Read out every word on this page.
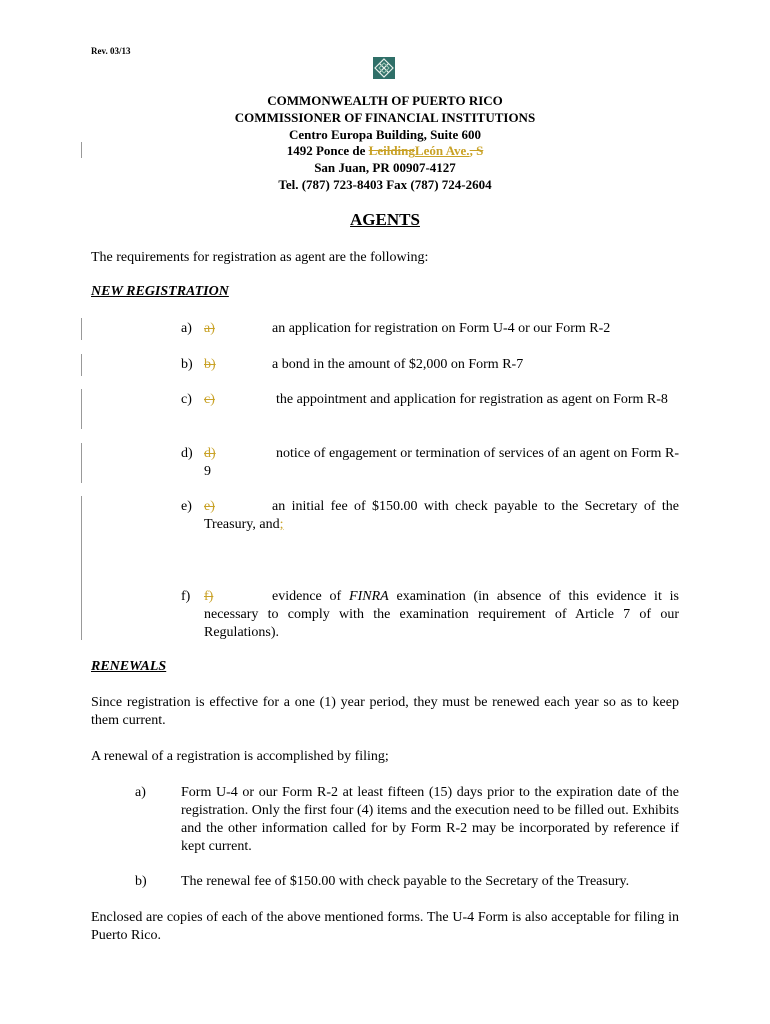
Rev. 03/13
COMMONWEALTH OF PUERTO RICO
COMMISSIONER OF FINANCIAL INSTITUTIONS
Centro Europa Building, Suite 600
1492 Ponce de LeildingLeón Ave., S
San Juan, PR 00907-4127
Tel. (787) 723-8403 Fax (787) 724-2604
AGENTS
The requirements for registration as agent are the following:
NEW REGISTRATION
a) a)	an application for registration on Form U-4 or our Form R-2
b) b)	a bond in the amount of $2,000 on Form R-7
c) c)	the appointment and application for registration as agent on Form R-8
d) d)	notice of engagement or termination of services of an agent on Form R-9
e) e)	an initial fee of $150.00 with check payable to the Secretary of the Treasury, and;
f) f)	evidence of FINRA examination (in absence of this evidence it is necessary to comply with the examination requirement of Article 7 of our Regulations).
RENEWALS
Since registration is effective for a one (1) year period, they must be renewed each year so as to keep them current.
A renewal of a registration is accomplished by filing;
a)	Form U-4 or our Form R-2 at least fifteen (15) days prior to the expiration date of the registration. Only the first four (4) items and the execution need to be filled out. Exhibits and the other information called for by Form R-2 may be incorporated by reference if kept current.
b) The renewal fee of $150.00 with check payable to the Secretary of the Treasury.
Enclosed are copies of each of the above mentioned forms. The U-4 Form is also acceptable for filing in Puerto Rico.
